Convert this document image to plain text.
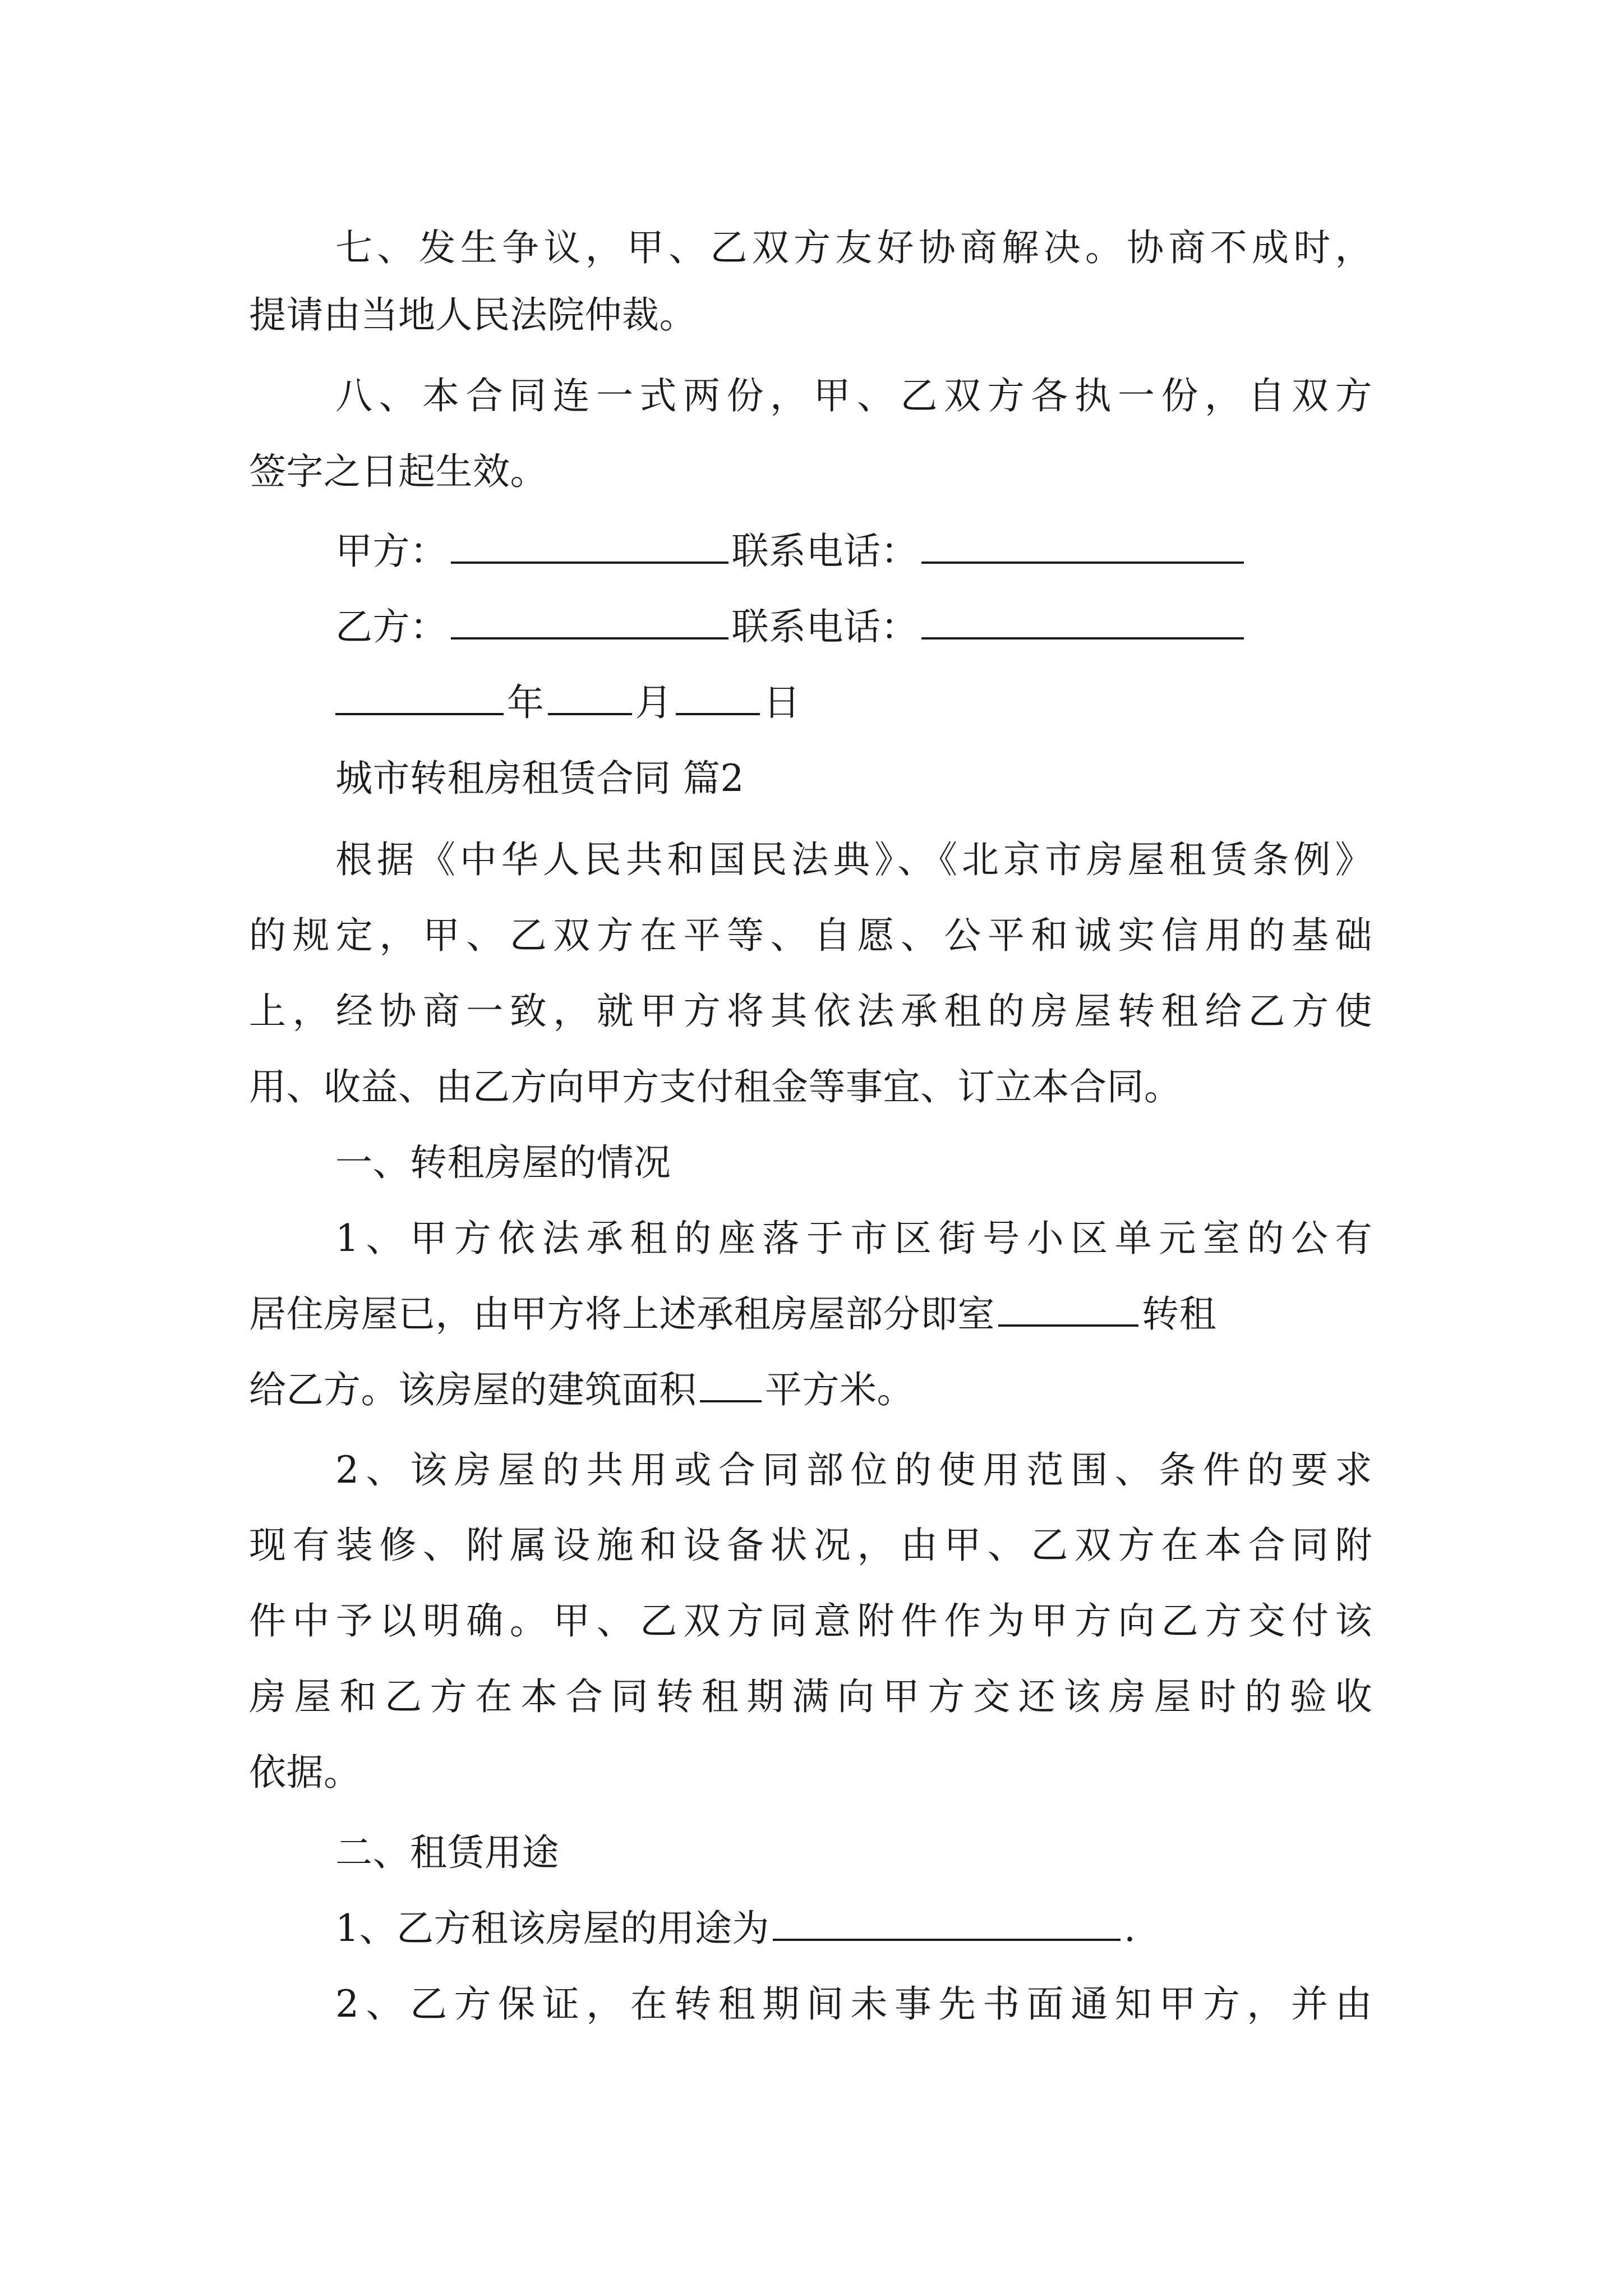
七、发生争议，甲、乙双方友好协商解决。协商不成时，
提请由当地人民法院仲裁。
八、本合同连一式两份，甲、乙双方各执一份，自双方
签字之日起生效。
甲方：	联系电话：
乙方：	联系电话：
年 月 日
城市转租房租赁合同 篇2
根据《中华人民共和国民法典》、《北京市房屋租赁条例》
的规定，甲、乙双方在平等、自愿、公平和诚实信用的基础
上，经协商一致，就甲方将其依法承租的房屋转租给乙方使
用、收益、由乙方向甲方支付租金等事宜、订立本合同。
一、转租房屋的情况
1、甲方依法承租的座落于市区街号小区单元室的公有
居住房屋已，由甲方将上述承租房屋部分即室	转租
给乙方。该房屋的建筑面积 平方米。
2、该房屋的共用或合同部位的使用范围、条件的要求
现有装修、附属设施和设备状况，由甲、乙双方在本合同附
件中予以明确。甲、乙双方同意附件作为甲方向乙方交付该
房屋和乙方在本合同转租期满向甲方交还该房屋时的验收
依据。
二、租赁用途
1、乙方租该房屋的用途为	.
2、乙方保证，在转租期间未事先书面通知甲方，并由
